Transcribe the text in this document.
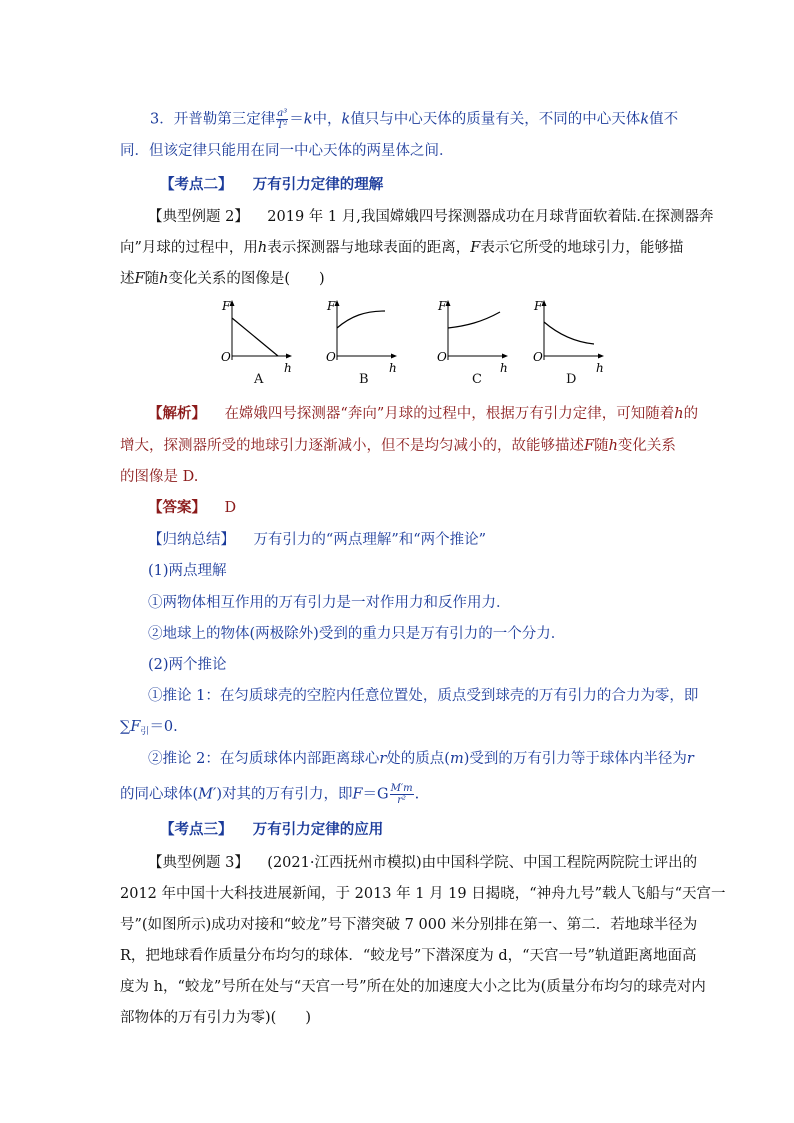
3．开普勒第三定律 $\frac{\text{a³}}{\text{T²}} =k$中，k值只与中心天体的质量有关，不同的中心天体k值不
同．但该定律只能用在同一中心天体的两星体之间．
【考点二】 万有引力定律的理解
【典型例题 2】 2019 年 1 月,我国嫦娥四号探测器成功在月球背面软着陆.在探测器奔
向”月球的过程中，用h表示探测器与地球表面的距离，F表示它所受的地球引力，能够描
述F随h变化关系的图像是(　　)
F
O
h
A
F
O
h
B
F
O
h
C
F
O
h
D
【解析】 在嫦娥四号探测器“奔向”月球的过程中，根据万有引力定律，可知随着h的
增大，探测器所受的地球引力逐渐减小，但不是均匀减小的，故能够描述F随h变化关系
的图像是 D.
【答案】 D
【归纳总结】 万有引力的“两点理解”和“两个推论”
(1)两点理解
①两物体相互作用的万有引力是一对作用力和反作用力．
②地球上的物体(两极除外)受到的重力只是万有引力的一个分力．
(2)两个推论
①推论 1：在匀质球壳的空腔内任意位置处，质点受到球壳的万有引力的合力为零，即
$\sum F_引=0$.
②推论 2：在匀质球体内部距离球心r处的质点(m)受到的万有引力等于球体内半径为r
的同心球体(M′)对其的万有引力，即$F=G \frac{M'm}{\text{r²}}$ .
【考点三】 万有引力定律的应用
【典型例题 3】 (2021·江西抚州市模拟)由中国科学院、中国工程院两院院士评出的
2012 年中国十大科技进展新闻，于 2013 年 1 月 19 日揭晓，“神舟九号”载人飞船与“天宫一
号”(如图所示)成功对接和“蛟龙”号下潜突破 7 000 米分别排在第一、第二．若地球半径为
R，把地球看作质量分布均匀的球体．“蛟龙号”下潜深度为 d，“天宫一号”轨道距离地面高
度为 h，“蛟龙”号所在处与“天宫一号”所在处的加速度大小之比为(质量分布均匀的球壳对内
部物体的万有引力为零)(　　)
